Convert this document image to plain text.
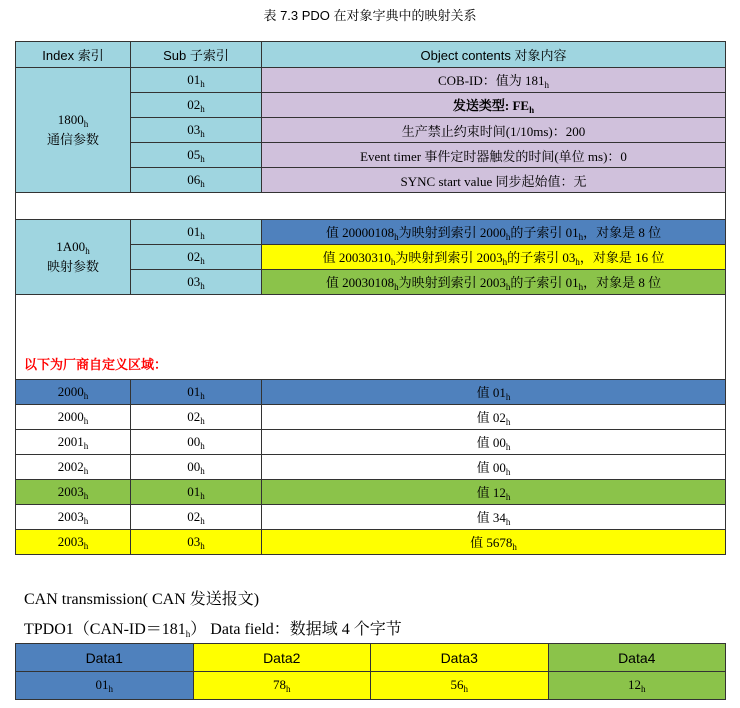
表 7.3 PDO 在对象字典中的映射关系
Index 索引	Sub 子索引	Object contents 对象内容

$1800_h$
通信参数	$01_h$	COB-ID：值为 $181_h$
	$02_h$	发送类型: $FE_h$
	$03_h$	生产禁止约束时间(1/10ms)：200
	$05_h$	Event timer 事件定时器触发的时间(单位 ms)：0
	$06_h$	SYNC start value 同步起始值：无

$1A00_h$
映射参数	$01_h$	值 $20000108_h$为映射到索引 $2000_h$的子索引 $01_h$，对象是 8 位
	$02_h$	值 $20030310_h$为映射到索引 $2003_h$的子索引 $03_h$，对象是 16 位
	$03_h$	值 $20030108_h$为映射到索引 $2003_h$的子索引 $01_h$，对象是 8 位
以下为厂商自定义区域：		
$2000_h$	$01_h$	值 $01_h$
$2000_h$	$02_h$	值 $02_h$
$2001_h$	$00_h$	值 $00_h$
$2002_h$	$00_h$	值 $00_h$
$2003_h$	$01_h$	值 $12_h$
$2003_h$	$02_h$	值 $34_h$
$2003_h$	$03_h$	值 $5678_h$
CAN transmission( CAN 发送报文)
$TPDO1(CAN-ID=181_h)$ Data field：数据域 4 个字节
Data1	Data2	Data3	Data4
$01_h$	$78_h$	$56_h$	$12_h$
